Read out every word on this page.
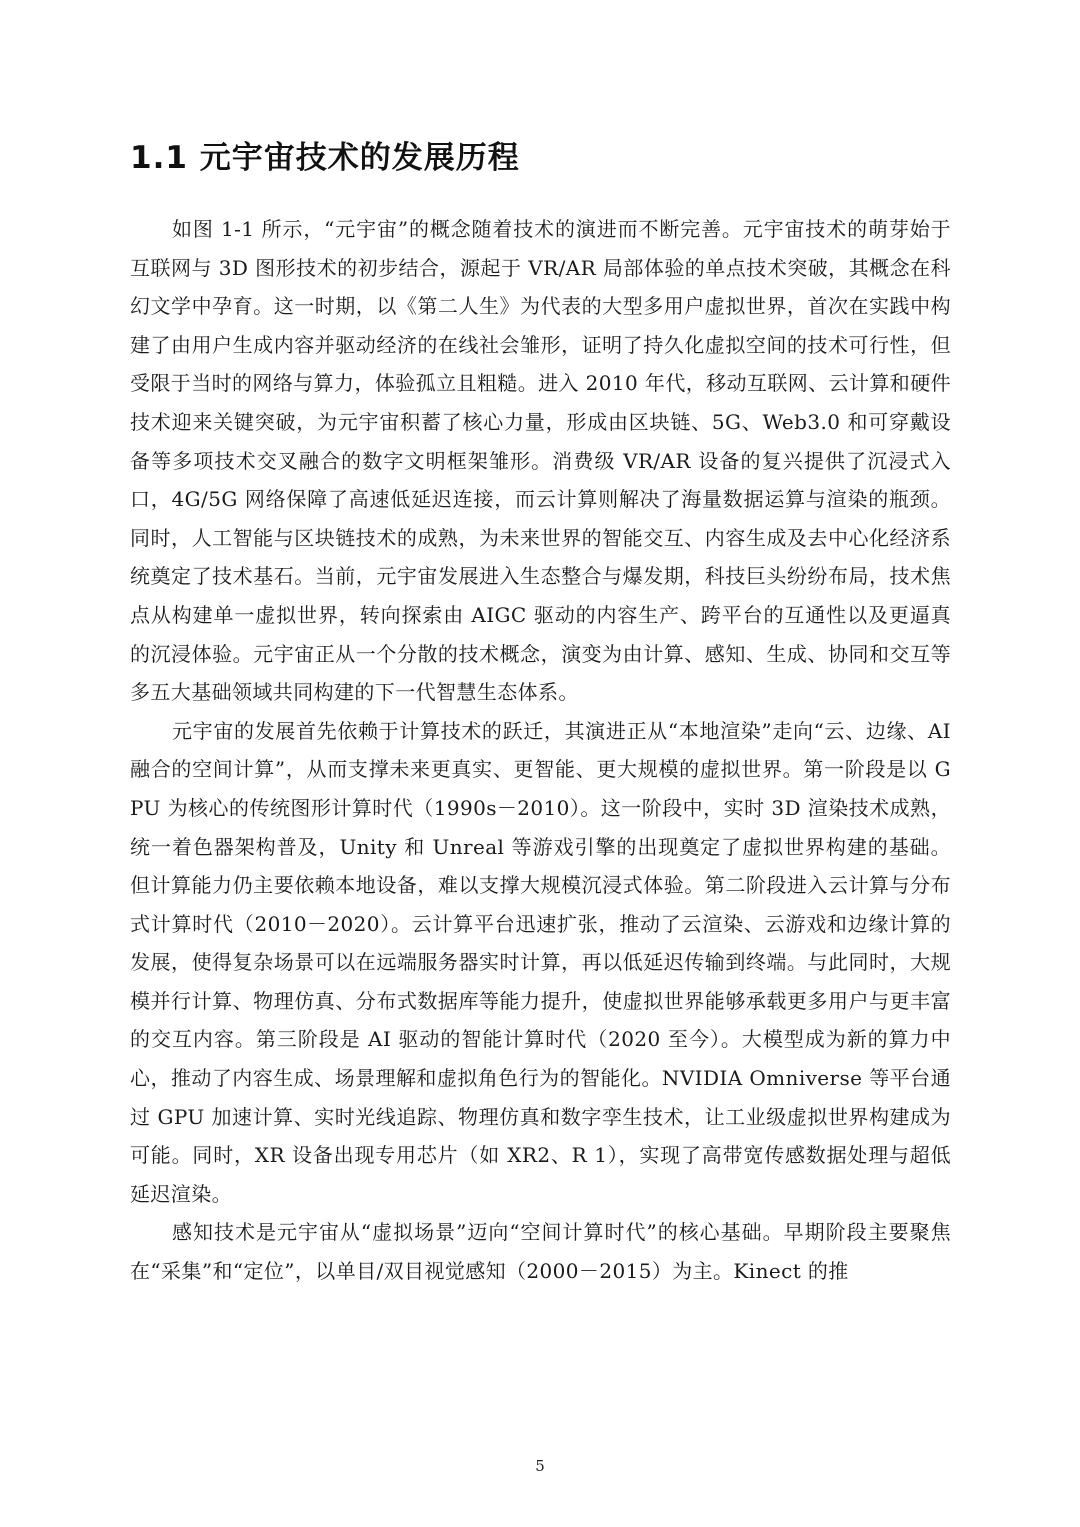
1.1 元宇宙技术的发展历程

如图 1-1 所示，“元宇宙”的概念随着技术的演进而不断完善。元宇宙技术的萌芽始于互联网与 3D 图形技术的初步结合，源起于 VR/AR 局部体验的单点技术突破，其概念在科幻文学中孕育。这一时期，以《第二人生》为代表的大型多用户虚拟世界，首次在实践中构建了由用户生成内容并驱动经济的在线社会雏形，证明了持久化虚拟空间的技术可行性，但受限于当时的网络与算力，体验孤立且粗糙。进入 2010 年代，移动互联网、云计算和硬件技术迎来关键突破，为元宇宙积蓄了核心力量，形成由区块链、5G、Web3.0 和可穿戴设备等多项技术交叉融合的数字文明框架雏形。消费级 VR/AR 设备的复兴提供了沉浸式入口，4G/5G 网络保障了高速低延迟连接，而云计算则解决了海量数据运算与渲染的瓶颈。同时，人工智能与区块链技术的成熟，为未来世界的智能交互、内容生成及去中心化经济系统奠定了技术基石。当前，元宇宙发展进入生态整合与爆发期，科技巨头纷纷布局，技术焦点从构建单一虚拟世界，转向探索由 AIGC 驱动的内容生产、跨平台的互通性以及更逼真的沉浸体验。元宇宙正从一个分散的技术概念，演变为由计算、感知、生成、协同和交互等多五大基础领域共同构建的下一代智慧生态体系。

元宇宙的发展首先依赖于计算技术的跃迁，其演进正从“本地渲染”走向“云、边缘、AI 融合的空间计算”，从而支撑未来更真实、更智能、更大规模的虚拟世界。第一阶段是以 GPU 为核心的传统图形计算时代（1990s－2010）。这一阶段中，实时 3D 渲染技术成熟，统一着色器架构普及，Unity 和 Unreal 等游戏引擎的出现奠定了虚拟世界构建的基础。但计算能力仍主要依赖本地设备，难以支撑大规模沉浸式体验。第二阶段进入云计算与分布式计算时代（2010－2020）。云计算平台迅速扩张，推动了云渲染、云游戏和边缘计算的发展，使得复杂场景可以在远端服务器实时计算，再以低延迟传输到终端。与此同时，大规模并行计算、物理仿真、分布式数据库等能力提升，使虚拟世界能够承载更多用户与更丰富的交互内容。第三阶段是 AI 驱动的智能计算时代（2020 至今）。大模型成为新的算力中心，推动了内容生成、场景理解和虚拟角色行为的智能化。NVIDIA Omniverse 等平台通过 GPU 加速计算、实时光线追踪、物理仿真和数字孪生技术，让工业级虚拟世界构建成为可能。同时，XR 设备出现专用芯片（如 XR2、R 1），实现了高带宽传感数据处理与超低延迟渲染。

感知技术是元宇宙从“虚拟场景”迈向“空间计算时代”的核心基础。早期阶段主要聚焦在“采集”和“定位”，以单目/双目视觉感知（2000－2015）为主。Kinect 的推

5
